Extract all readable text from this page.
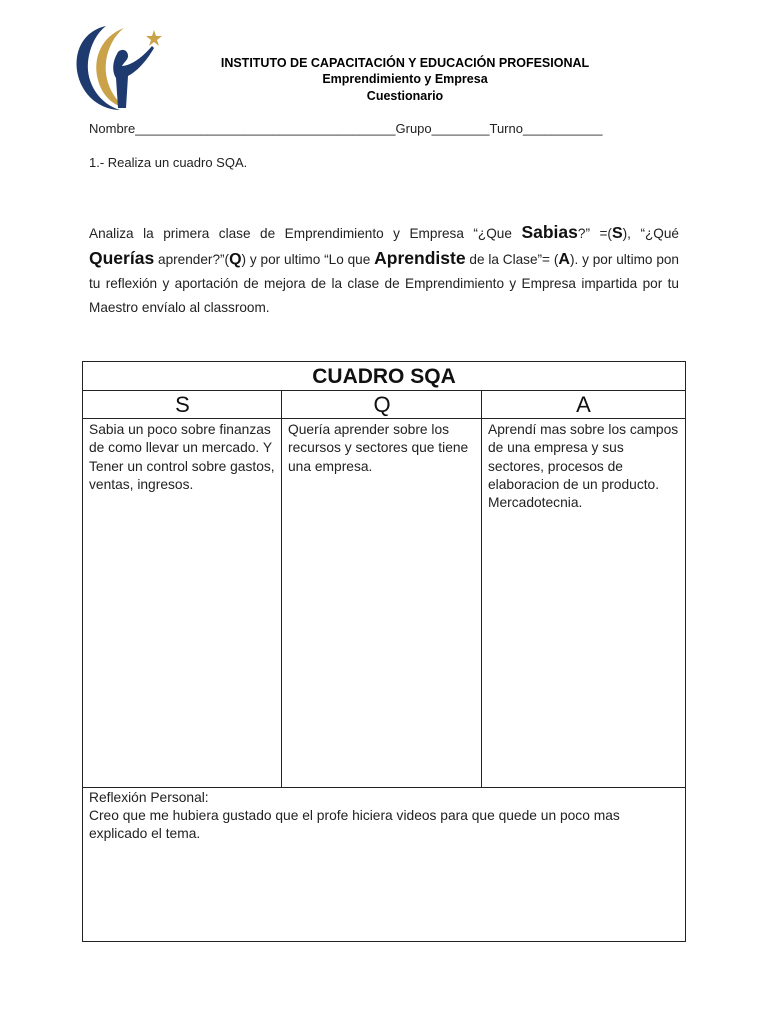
INSTITUTO DE CAPACITACIÓN Y EDUCACIÓN PROFESIONAL
Emprendimiento y Empresa
Cuestionario
Nombre____________________________________Grupo________Turno___________
1.- Realiza un cuadro SQA.
Analiza la primera clase de Emprendimiento y Empresa “¿Que Sabias?” =(S), “¿Qué Querías aprender?”(Q) y por ultimo “Lo que Aprendiste de la Clase”= (A). y por ultimo pon tu reflexión y aportación de mejora de la clase de Emprendimiento y Empresa impartida por tu Maestro envíalo al classroom.
CUADRO SQA
S	Q	A
Sabia un poco sobre finanzas de como llevar un mercado. Y Tener un control sobre gastos, ventas, ingresos.
Quería aprender sobre los recursos y sectores que tiene una empresa.
Aprendí mas sobre los campos de una empresa y sus sectores, procesos de elaboracion de un producto. Mercadotecnia.
Reflexión Personal:
Creo que me hubiera gustado que el profe hiciera videos para que quede un poco mas explicado el tema.
